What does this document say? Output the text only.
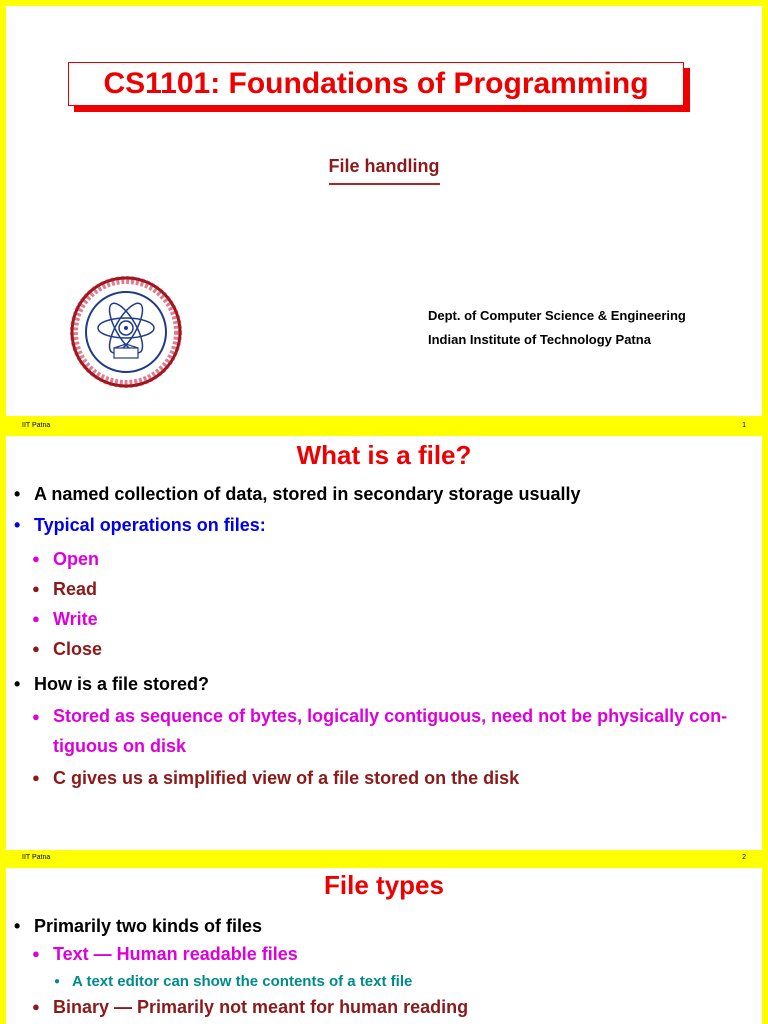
CS1101: Foundations of Programming
File handling
Dept. of Computer Science & Engineering
Indian Institute of Technology Patna
IIT Patna	1
What is a file?
• A named collection of data, stored in secondary storage usually
• Typical operations on files:
● Open
● Read
● Write
● Close
• How is a file stored?
● Stored as sequence of bytes, logically contiguous, need not be physically con-
tiguous on disk
● C gives us a simplified view of a file stored on the disk
IIT Patna	2
File types
• Primarily two kinds of files
● Text — Human readable files
● A text editor can show the contents of a text file
● Binary — Primarily not meant for human reading
